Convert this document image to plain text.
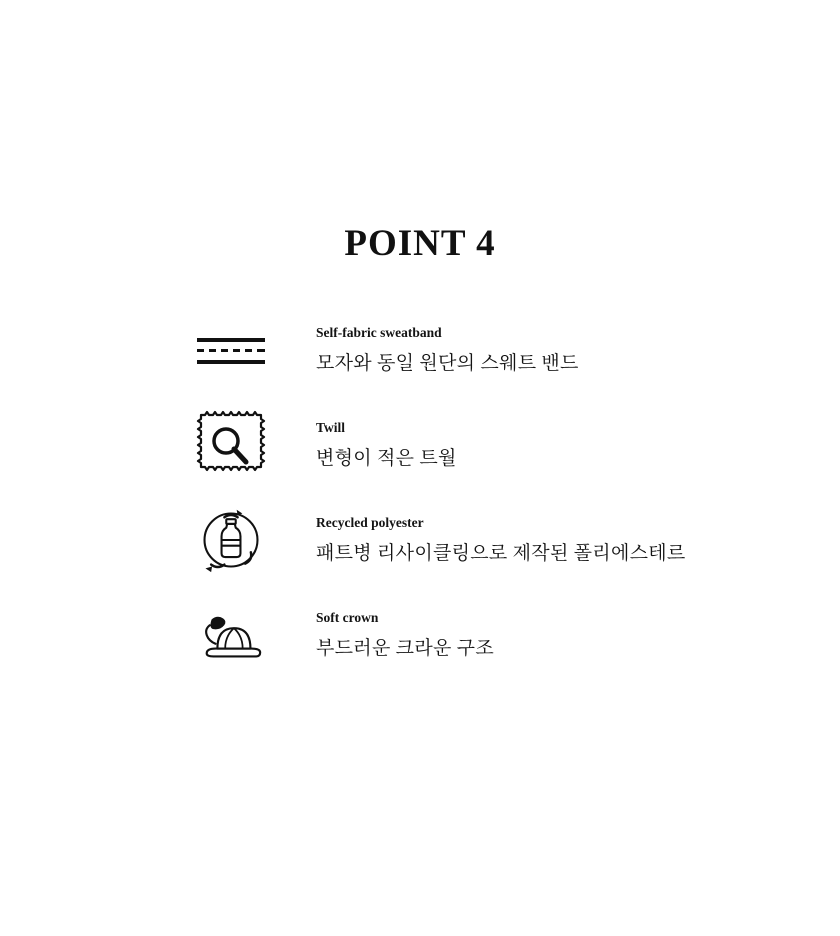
POINT 4
Self-fabric sweatband
모자와 동일 원단의 스웨트 밴드
Twill
변형이 적은 트월
Recycled polyester
패트병 리사이클링으로 제작된 폴리에스테르
Soft crown
부드러운 크라운 구조
